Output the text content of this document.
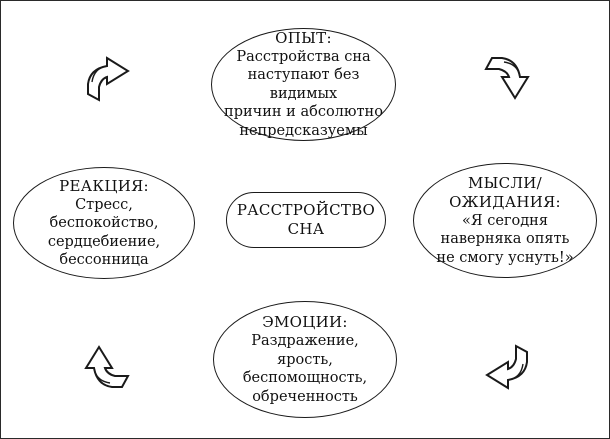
ОПЫТ:
Расстройства сна
наступают без видимых
причин и абсолютно
непредсказуемы
МЫСЛИ/
ОЖИДАНИЯ:
«Я сегодня
наверняка опять
не смогу уснуть!»
ЭМОЦИИ:
Раздражение,
ярость,
беспомощность,
обреченность
РЕАКЦИЯ:
Стресс,
беспокойство,
сердцебиение,
бессонница
РАССТРОЙСТВО
СНА
